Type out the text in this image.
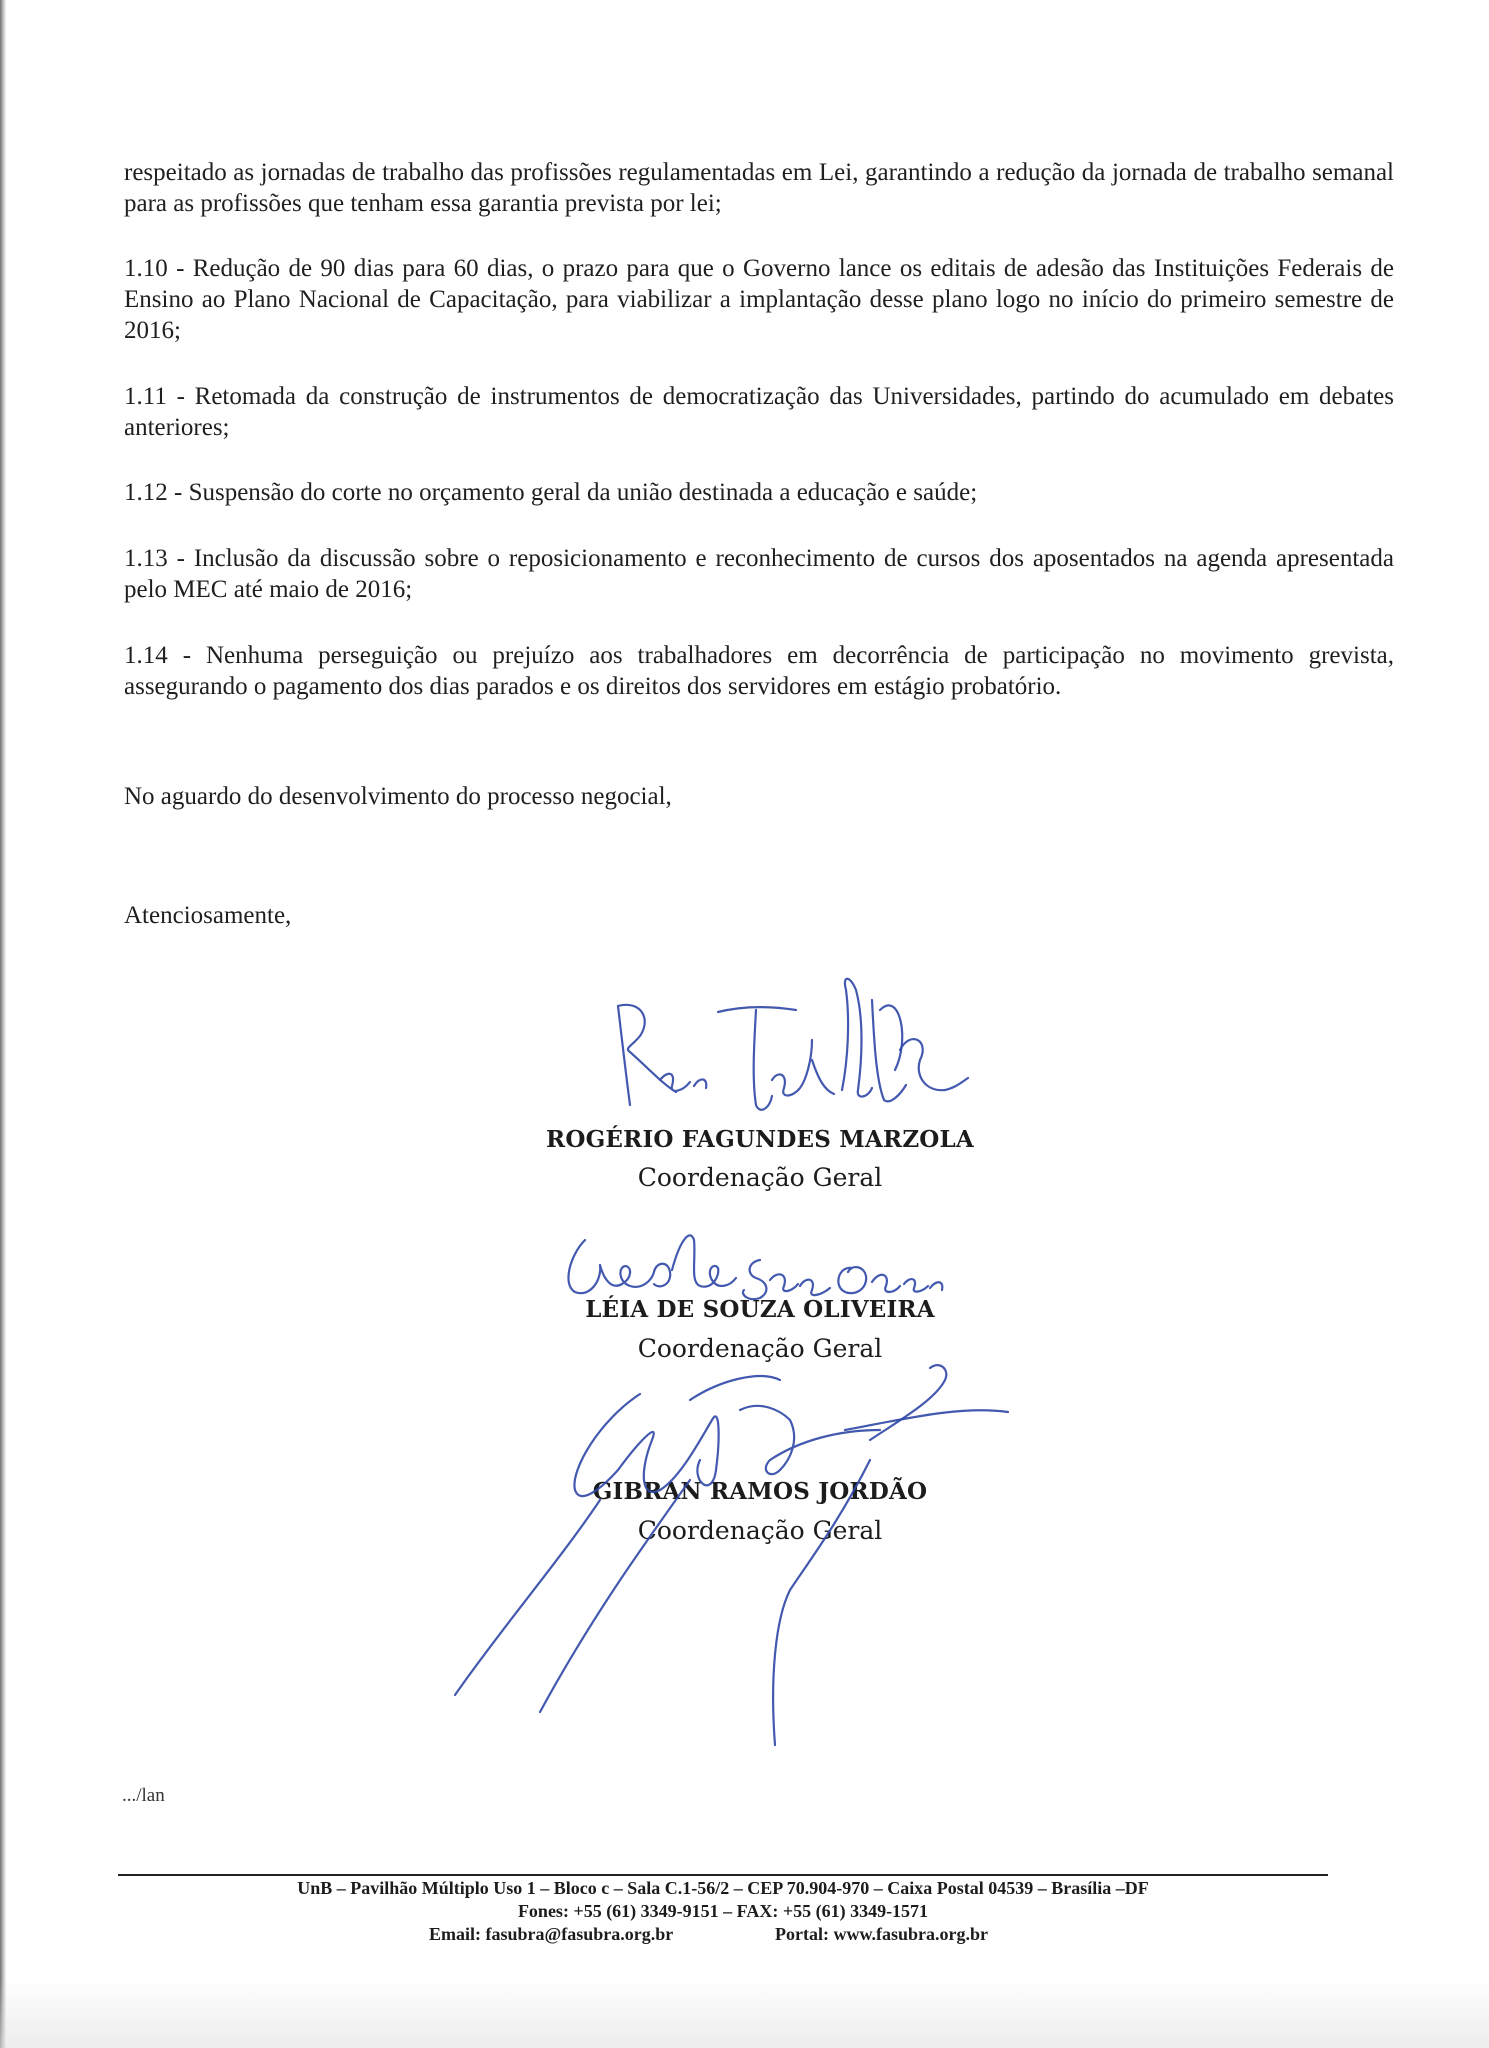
respeitado as jornadas de trabalho das profissões regulamentadas em Lei, garantindo a redução da jornada de trabalho semanal para as profissões que tenham essa garantia prevista por lei;

1.10 - Redução de 90 dias para 60 dias, o prazo para que o Governo lance os editais de adesão das Instituições Federais de Ensino ao Plano Nacional de Capacitação, para viabilizar a implantação desse plano logo no início do primeiro semestre de 2016;

1.11 - Retomada da construção de instrumentos de democratização das Universidades, partindo do acumulado em debates anteriores;

1.12 - Suspensão do corte no orçamento geral da união destinada a educação e saúde;

1.13 - Inclusão da discussão sobre o reposicionamento e reconhecimento de cursos dos aposentados na agenda apresentada pelo MEC até maio de 2016;

1.14 - Nenhuma perseguição ou prejuízo aos trabalhadores em decorrência de participação no movimento grevista, assegurando o pagamento dos dias parados e os direitos dos servidores em estágio probatório.

No aguardo do desenvolvimento do processo negocial,

Atenciosamente,

ROGÉRIO FAGUNDES MARZOLA
Coordenação Geral
LÉIA DE SOUZA OLIVEIRA
Coordenação Geral
GIBRAN RAMOS JORDÃO
Coordenação Geral
.../lan
UnB – Pavilhão Múltiplo Uso 1 – Bloco c – Sala C.1-56/2 – CEP 70.904-970 – Caixa Postal 04539 – Brasília –DF
Fones: +55 (61) 3349-9151 – FAX: +55 (61) 3349-1571
Email: fasubra@fasubra.org.br	Portal: www.fasubra.org.br
